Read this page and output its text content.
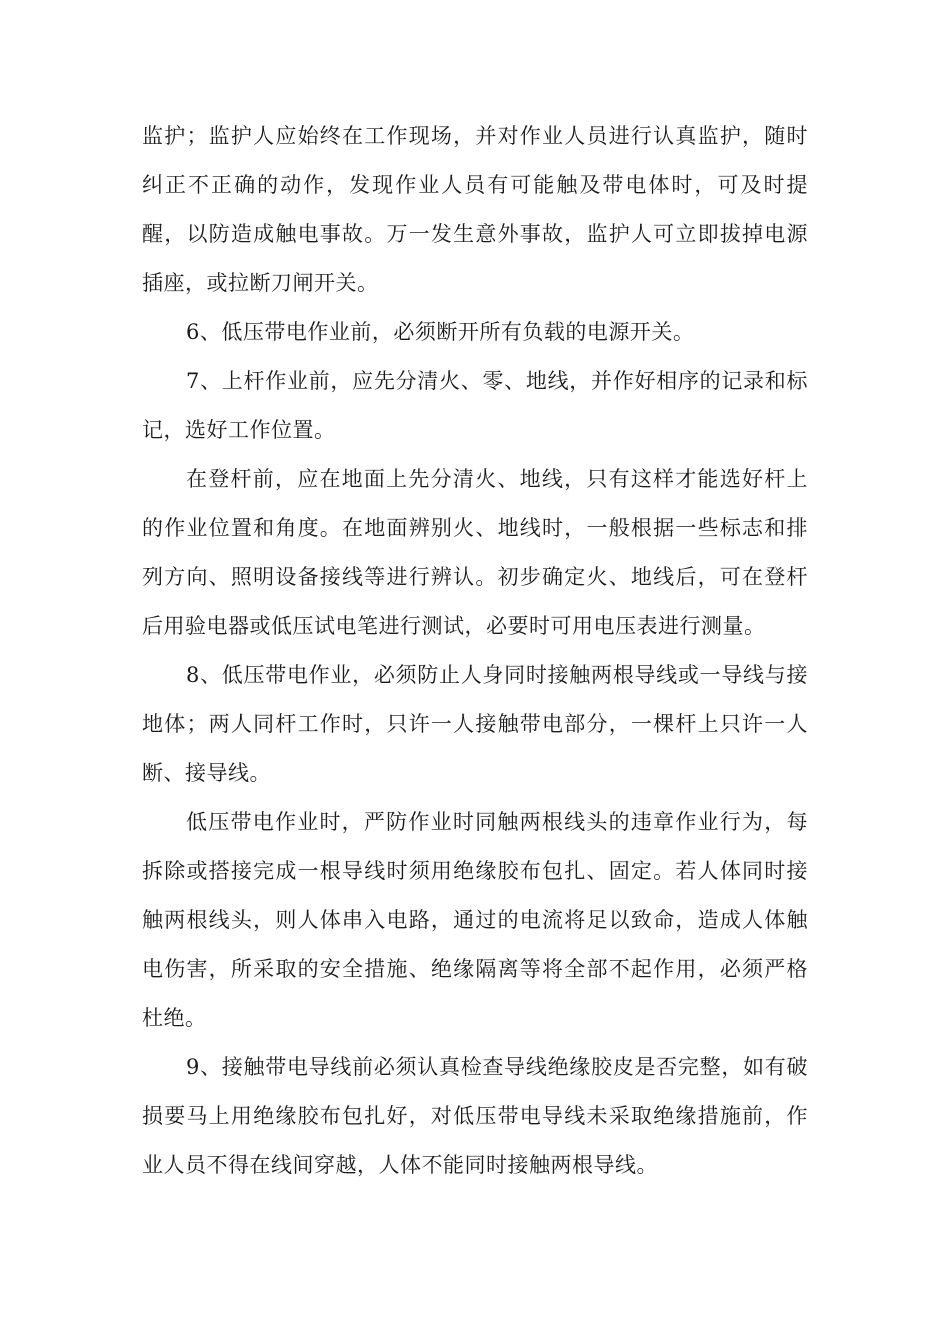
监护；监护人应始终在工作现场，并对作业人员进行认真监护，随时纠正不正确的动作，发现作业人员有可能触及带电体时，可及时提醒，以防造成触电事故。万一发生意外事故，监护人可立即拔掉电源插座，或拉断刀闸开关。

6、低压带电作业前，必须断开所有负载的电源开关。

7、上杆作业前，应先分清火、零、地线，并作好相序的记录和标记，选好工作位置。

在登杆前，应在地面上先分清火、地线，只有这样才能选好杆上的作业位置和角度。在地面辨别火、地线时，一般根据一些标志和排列方向、照明设备接线等进行辨认。初步确定火、地线后，可在登杆后用验电器或低压试电笔进行测试，必要时可用电压表进行测量。

8、低压带电作业，必须防止人身同时接触两根导线或一导线与接地体；两人同杆工作时，只许一人接触带电部分，一棵杆上只许一人断、接导线。

低压带电作业时，严防作业时同触两根线头的违章作业行为，每拆除或搭接完成一根导线时须用绝缘胶布包扎、固定。若人体同时接触两根线头，则人体串入电路，通过的电流将足以致命，造成人体触电伤害，所采取的安全措施、绝缘隔离等将全部不起作用，必须严格杜绝。

9、接触带电导线前必须认真检查导线绝缘胶皮是否完整，如有破损要马上用绝缘胶布包扎好，对低压带电导线未采取绝缘措施前，作业人员不得在线间穿越，人体不能同时接触两根导线。
